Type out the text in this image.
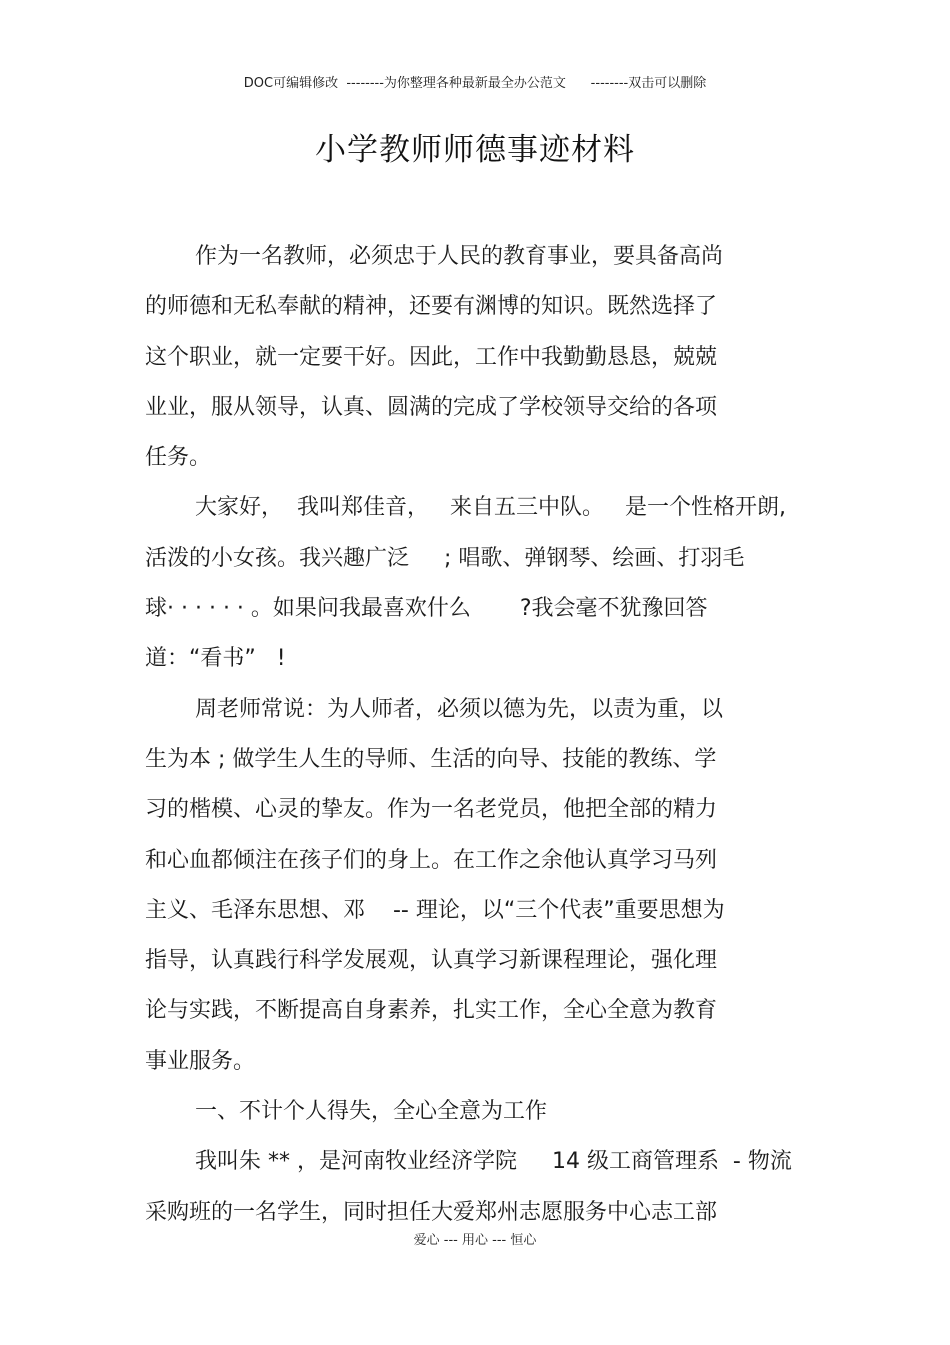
DOC可编辑修改  --------为你整理各种最新最全办公范文      --------双击可以删除
小学教师师德事迹材料
作为一名教师，必须忠于人民的教育事业，要具备高尚
的师德和无私奉献的精神，还要有渊博的知识。既然选择了
这个职业，就一定要干好。因此，工作中我勤勤恳恳，兢兢
业业，服从领导，认真、圆满的完成了学校领导交给的各项
任务。
大家好，  我叫郑佳音，   来自五三中队。   是一个性格开朗,
活泼的小女孩。我兴趣广泛     ; 唱歌、弹钢琴、绘画、打羽毛
球· · · · · · 。如果问我最喜欢什么       ?我会毫不犹豫回答
道：“看书”   !
周老师常说：为人师者，必须以德为先，以责为重，以
生为本 ; 做学生人生的导师、生活的向导、技能的教练、学
习的楷模、心灵的挚友。作为一名老党员，他把全部的精力
和心血都倾注在孩子们的身上。在工作之余他认真学习马列
主义、毛泽东思想、邓    -- 理论，以“三个代表”重要思想为
指导，认真践行科学发展观，认真学习新课程理论，强化理
论与实践，不断提高自身素养，扎实工作，全心全意为教育
事业服务。
一、不计个人得失，全心全意为工作
我叫朱 ** ，是河南牧业经济学院     14 级工商管理系  - 物流
采购班的一名学生，同时担任大爱郑州志愿服务中心志工部
爱心 --- 用心 --- 恒心
